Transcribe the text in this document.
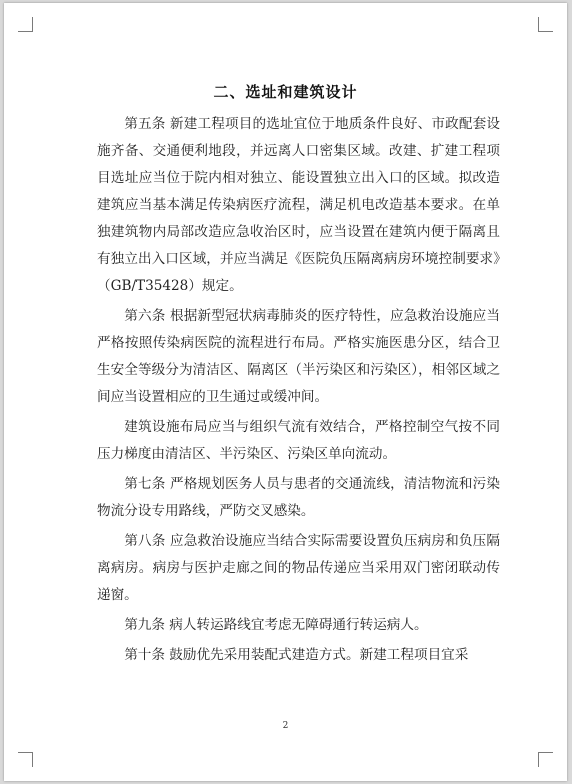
二、选址和建筑设计

第五条 新建工程项目的选址宜位于地质条件良好、市政配套设施齐备、交通便利地段，并远离人口密集区域。改建、扩建工程项目选址应当位于院内相对独立、能设置独立出入口的区域。拟改造建筑应当基本满足传染病医疗流程，满足机电改造基本要求。在单独建筑物内局部改造应急收治区时，应当设置在建筑内便于隔离且有独立出入口区域，并应当满足《医院负压隔离病房环境控制要求》（GB/T35428）规定。

第六条 根据新型冠状病毒肺炎的医疗特性，应急救治设施应当严格按照传染病医院的流程进行布局。严格实施医患分区，结合卫生安全等级分为清洁区、隔离区（半污染区和污染区），相邻区域之间应当设置相应的卫生通过或缓冲间。

建筑设施布局应当与组织气流有效结合，严格控制空气按不同压力梯度由清洁区、半污染区、污染区单向流动。

第七条 严格规划医务人员与患者的交通流线，清洁物流和污染物流分设专用路线，严防交叉感染。

第八条 应急救治设施应当结合实际需要设置负压病房和负压隔离病房。病房与医护走廊之间的物品传递应当采用双门密闭联动传递窗。

第九条 病人转运路线宜考虑无障碍通行转运病人。

第十条 鼓励优先采用装配式建造方式。新建工程项目宜采

2
